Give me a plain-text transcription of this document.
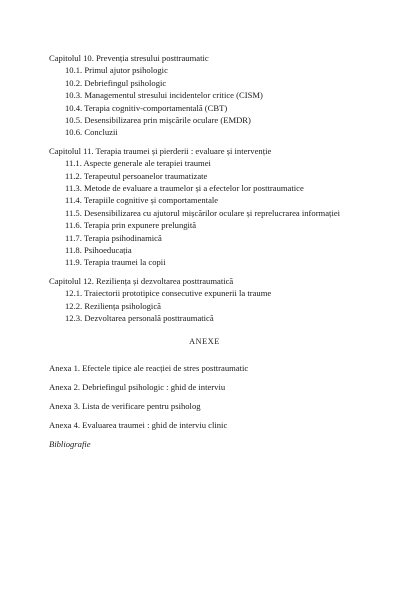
Capitolul 10. Prevenția stresului posttraumatic
10.1. Primul ajutor psihologic
10.2. Debriefingul psihologic
10.3. Managementul stresului incidentelor critice (CISM)
10.4. Terapia cognitiv-comportamentală (CBT)
10.5. Desensibilizarea prin mișcările oculare (EMDR)
10.6. Concluzii
Capitolul 11. Terapia traumei și pierderii : evaluare și intervenție
11.1. Aspecte generale ale terapiei traumei
11.2. Terapeutul persoanelor traumatizate
11.3. Metode de evaluare a traumelor și a efectelor lor posttraumatice
11.4. Terapiile cognitive și comportamentale
11.5. Desensibilizarea cu ajutorul mișcărilor oculare și reprelucrarea informației
11.6. Terapia prin expunere prelungită
11.7. Terapia psihodinamică
11.8. Psihoeducația
11.9. Terapia traumei la copii
Capitolul 12. Reziliența și dezvoltarea posttraumatică
12.1. Traiectorii prototipice consecutive expunerii la traume
12.2. Reziliența psihologică
12.3. Dezvoltarea personală posttraumatică
ANEXE
Anexa 1. Efectele tipice ale reacției de stres posttraumatic
Anexa 2. Debriefingul psihologic : ghid de interviu
Anexa 3. Lista de verificare pentru psiholog
Anexa 4. Evaluarea traumei : ghid de interviu clinic
Bibliografie
